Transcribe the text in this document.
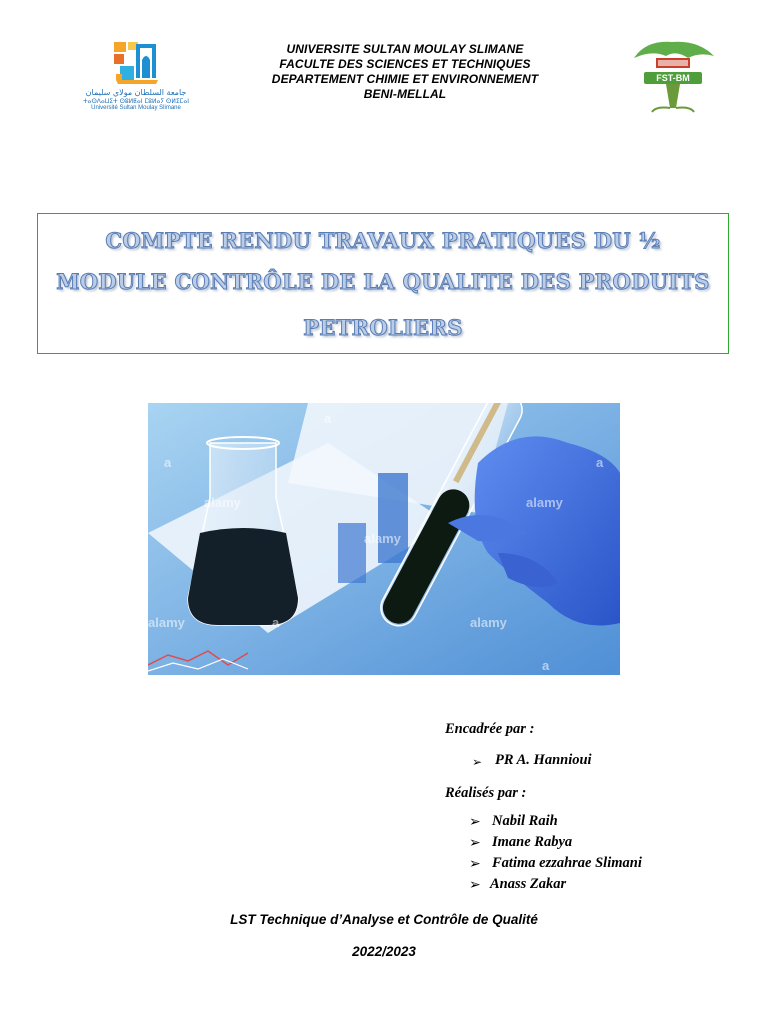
جامعة السلطان مولاي سليمان
ⵜⴰⵙⴷⴰⵡⵉⵜ ⵙⵓⵍⵟⴰⵏ ⵎⵓⵍⴰⵢ ⵙⵍⵉⵎⴰⵏ
Université Sultan Moulay Slimane
UNIVERSITE SULTAN MOULAY SLIMANE
FACULTE DES SCIENCES ET TECHNIQUES
DEPARTEMENT CHIMIE ET ENVIRONNEMENT
BENI-MELLAL
FST-BM
COMPTE RENDU TRAVAUX PRATIQUES DU ½
MODULE CONTRÔLE DE LA QUALITE DES PRODUITS
PETROLIERS
alamy
alamy
alamy
alamy	alamy
a
a
a
a
a
Encadrée par :
➢ PR A. Hannioui
Réalisés par :
➢ Nabil Raih
➢ Imane Rabya
➢ Fatima ezzahrae Slimani
➢ Anass Zakar
LST Technique d’Analyse et Contrôle de Qualité
2022/2023
